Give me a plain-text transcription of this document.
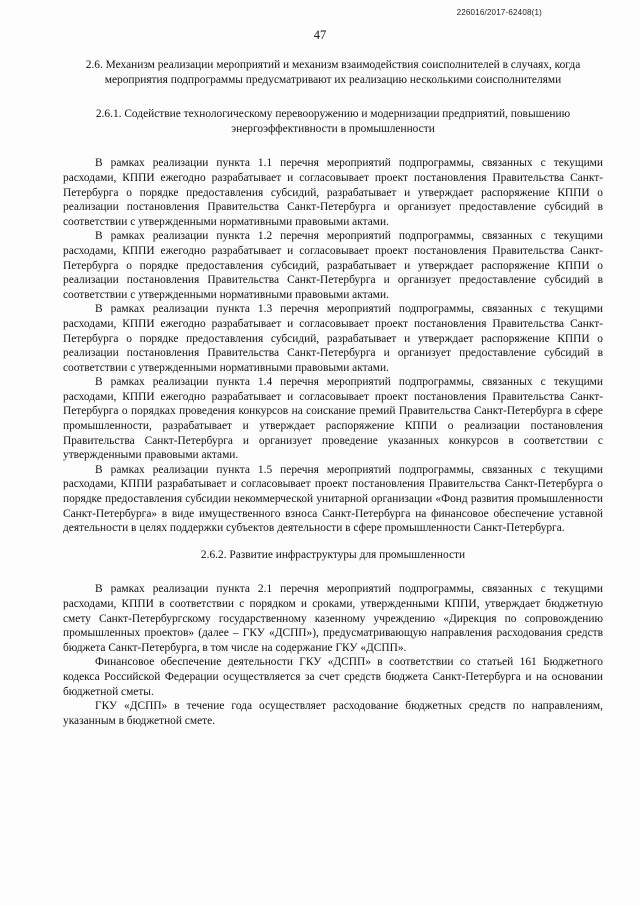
226016/2017-62408(1)
47

2.6. Механизм реализации мероприятий и механизм взаимодействия соисполнителей в случаях, когда мероприятия подпрограммы предусматривают их реализацию несколькими соисполнителями

2.6.1. Содействие технологическому перевооружению и модернизации предприятий, повышению энергоэффективности в промышленности

В рамках реализации пункта 1.1 перечня мероприятий подпрограммы, связанных с текущими расходами, КППИ ежегодно разрабатывает и согласовывает проект постановления Правительства Санкт-Петербурга о порядке предоставления субсидий, разрабатывает и утверждает распоряжение КППИ о реализации постановления Правительства Санкт-Петербурга и организует предоставление субсидий в соответствии с утвержденными нормативными правовыми актами.

В рамках реализации пункта 1.2 перечня мероприятий подпрограммы, связанных с текущими расходами, КППИ ежегодно разрабатывает и согласовывает проект постановления Правительства Санкт-Петербурга о порядке предоставления субсидий, разрабатывает и утверждает распоряжение КППИ о реализации постановления Правительства Санкт-Петербурга и организует предоставление субсидий в соответствии с утвержденными нормативными правовыми актами.

В рамках реализации пункта 1.3 перечня мероприятий подпрограммы, связанных с текущими расходами, КППИ ежегодно разрабатывает и согласовывает проект постановления Правительства Санкт-Петербурга о порядке предоставления субсидий, разрабатывает и утверждает распоряжение КППИ о реализации постановления Правительства Санкт-Петербурга и организует предоставление субсидий в соответствии с утвержденными нормативными правовыми актами.

В рамках реализации пункта 1.4 перечня мероприятий подпрограммы, связанных с текущими расходами, КППИ ежегодно разрабатывает и согласовывает проект постановления Правительства Санкт-Петербурга о порядках проведения конкурсов на соискание премий Правительства Санкт-Петербурга в сфере промышленности, разрабатывает и утверждает распоряжение КППИ о реализации постановления Правительства Санкт-Петербурга и организует проведение указанных конкурсов в соответствии с утвержденными правовыми актами.

В рамках реализации пункта 1.5 перечня мероприятий подпрограммы, связанных с текущими расходами, КППИ разрабатывает и согласовывает проект постановления Правительства Санкт-Петербурга о порядке предоставления субсидии некоммерческой унитарной организации «Фонд развития промышленности Санкт-Петербурга» в виде имущественного взноса Санкт-Петербурга на финансовое обеспечение уставной деятельности в целях поддержки субъектов деятельности в сфере промышленности Санкт-Петербурга.

2.6.2. Развитие инфраструктуры для промышленности

В рамках реализации пункта 2.1 перечня мероприятий подпрограммы, связанных с текущими расходами, КППИ в соответствии с порядком и сроками, утвержденными КППИ, утверждает бюджетную смету Санкт-Петербургскому государственному казенному учреждению «Дирекция по сопровождению промышленных проектов» (далее – ГКУ «ДСПП»), предусматривающую направления расходования средств бюджета Санкт-Петербурга, в том числе на содержание ГКУ «ДСПП».

Финансовое обеспечение деятельности ГКУ «ДСПП» в соответствии со статьей 161 Бюджетного кодекса Российской Федерации осуществляется за счет средств бюджета Санкт-Петербурга и на основании бюджетной сметы.

ГКУ «ДСПП» в течение года осуществляет расходование бюджетных средств по направлениям, указанным в бюджетной смете.
